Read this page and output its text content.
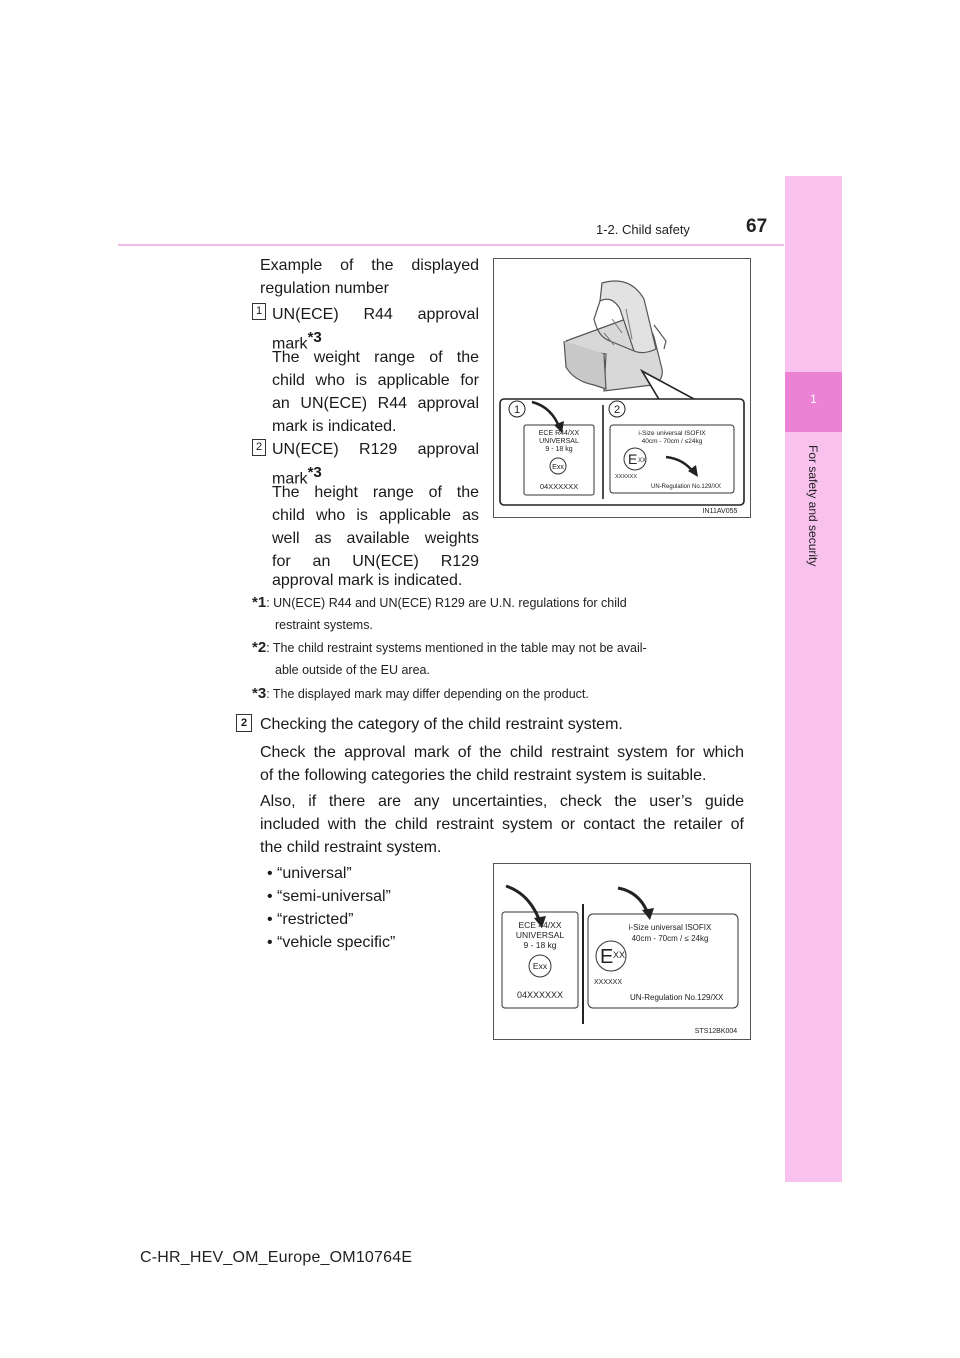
1
For safety and security
1-2. Child safety	67
Example of the displayed
regulation number
1 UN(ECE) R44 approval
mark$^{*3}$
The weight range of the
child who is applicable for
an UN(ECE) R44 approval
mark is indicated.
2 UN(ECE) R129 approval
mark$^{*3}$
The height range of the
child who is applicable as
well as available weights
for an UN(ECE) R129
approval mark is indicated.
1	2
ECE R44/XX
UNIVERSAL
9 - 18 kg
Exx
04XXXXXX
i-Size universal ISOFIX
40cm - 70cm / ≤24kg
E XX
XXXXXX
UN-Regulation No.129/XX
IN11AV055
*1: UN(ECE) R44 and UN(ECE) R129 are U.N. regulations for child
restraint systems.
*2: The child restraint systems mentioned in the table may not be avail-
able outside of the EU area.
*3: The displayed mark may differ depending on the product.
2 Checking the category of the child restraint system.
Check the approval mark of the child restraint system for which
of the following categories the child restraint system is suitable.
Also, if there are any uncertainties, check the user’s guide
included with the child restraint system or contact the retailer of
the child restraint system.
• “universal”
• “semi-universal”
• “restricted”
• “vehicle specific”
ECE 44/XX
UNIVERSAL
9 - 18 kg
Exx
04XXXXXX
i-Size universal ISOFIX
40cm - 70cm / ≤ 24kg
E XX
XXXXXX
UN-Regulation No.129/XX
STS12BK004
C-HR_HEV_OM_Europe_OM10764E
